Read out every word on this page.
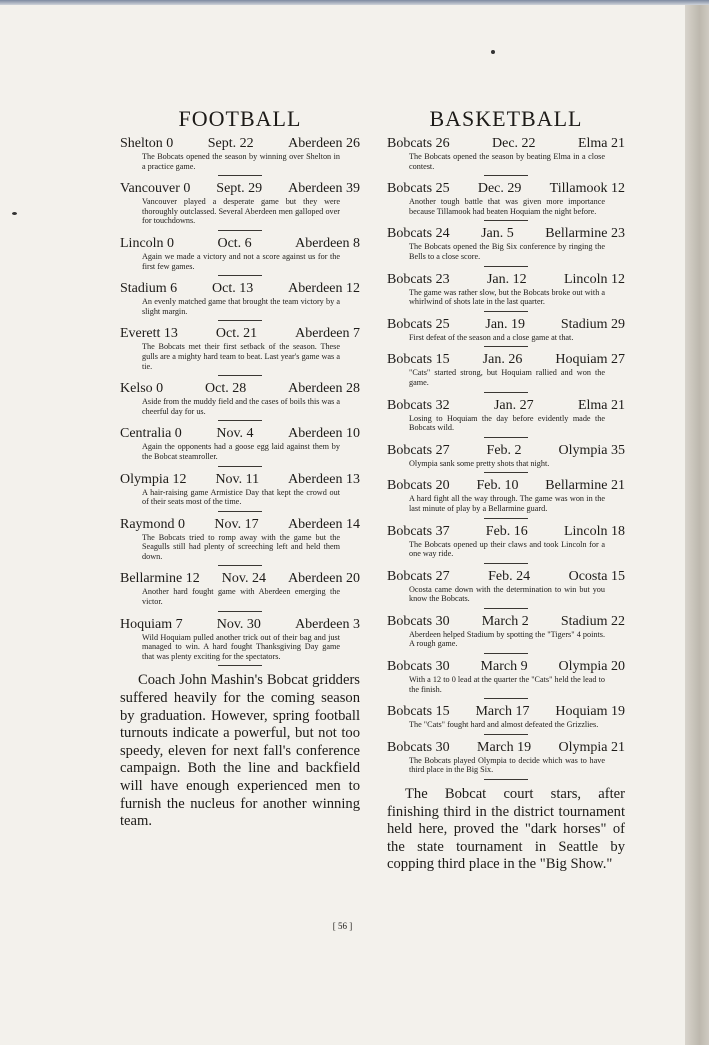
FOOTBALL
Shelton 0 Sept. 22 Aberdeen 26
The Bobcats opened the season by winning over Shelton in a practice game.
Vancouver 0 Sept. 29 Aberdeen 39
Vancouver played a desperate game but they were thoroughly outclassed. Several Aberdeen men galloped over for touchdowns.
Lincoln 0	Oct. 6	Aberdeen 8
Again we made a victory and not a score against us for the first few games.
Stadium 6 Oct. 13 Aberdeen 12
An evenly matched game that brought the team victory by a slight margin.
Everett 13	Oct. 21	Aberdeen 7
The Bobcats met their first setback of the season. These gulls are a mighty hard team to beat. Last year's game was a tie.
Kelso 0	Oct. 28	Aberdeen 28
Aside from the muddy field and the cases of boils this was a cheerful day for us.
Centralia 0 Nov. 4 Aberdeen 10
Again the opponents had a goose egg laid against them by the Bobcat steamroller.
Olympia 12 Nov. 11 Aberdeen 13
A hair-raising game Armistice Day that kept the crowd out of their seats most of the time.
Raymond 0 Nov. 17 Aberdeen 14
The Bobcats tried to romp away with the game but the Seagulls still had plenty of screeching left and held them down.
Bellarmine 12 Nov. 24 Aberdeen 20
Another hard fought game with Aberdeen emerging the victor.
Hoquiam 7 Nov. 30 Aberdeen 3
Wild Hoquiam pulled another trick out of their bag and just managed to win. A hard fought Thanksgiving Day game that was plenty exciting for the spectators.
Coach John Mashin's Bobcat gridders suffered heavily for the coming season by graduation. However, spring football turnouts indicate a powerful, but not too speedy, eleven for next fall's conference campaign. Both the line and backfield will have enough experienced men to furnish the nucleus for another winning team.
BASKETBALL
Bobcats 26	Dec. 22	Elma 21
The Bobcats opened the season by beating Elma in a close contest.
Bobcats 25 Dec. 29 Tillamook 12
Another tough battle that was given more importance because Tillamook had beaten Hoquiam the night before.
Bobcats 24 Jan. 5 Bellarmine 23
The Bobcats opened the Big Six conference by ringing the Bells to a close score.
Bobcats 23	Jan. 12	Lincoln 12
The game was rather slow, but the Bobcats broke out with a whirlwind of shots late in the last quarter.
Bobcats 25	Jan. 19	Stadium 29
First defeat of the season and a close game at that.
Bobcats 15 Jan. 26 Hoquiam 27
"Cats" started strong, but Hoquiam rallied and won the game.
Bobcats 32	Jan. 27	Elma 21
Losing to Hoquiam the day before evidently made the Bobcats wild.
Bobcats 27	Feb. 2	Olympia 35
Olympia sank some pretty shots that night.
Bobcats 20 Feb. 10 Bellarmine 21
A hard fight all the way through. The game was won in the last minute of play by a Bellarmine guard.
Bobcats 37	Feb. 16	Lincoln 18
The Bobcats opened up their claws and took Lincoln for a one way ride.
Bobcats 27	Feb. 24	Ocosta 15
Ocosta came down with the determination to win but you know the Bobcats.
Bobcats 30 March 2 Stadium 22
Aberdeen helped Stadium by spotting the "Tigers" 4 points. A rough game.
Bobcats 30 March 9 Olympia 20
With a 12 to 0 lead at the quarter the "Cats" held the lead to the finish.
Bobcats 15 March 17 Hoquiam 19
The "Cats" fought hard and almost defeated the Grizzlies.
Bobcats 30 March 19 Olympia 21
The Bobcats played Olympia to decide which was to have third place in the Big Six.
The Bobcat court stars, after finishing third in the district tournament held here, proved the "dark horses" of the state tournament in Seattle by copping third place in the "Big Show."
[ 56 ]
